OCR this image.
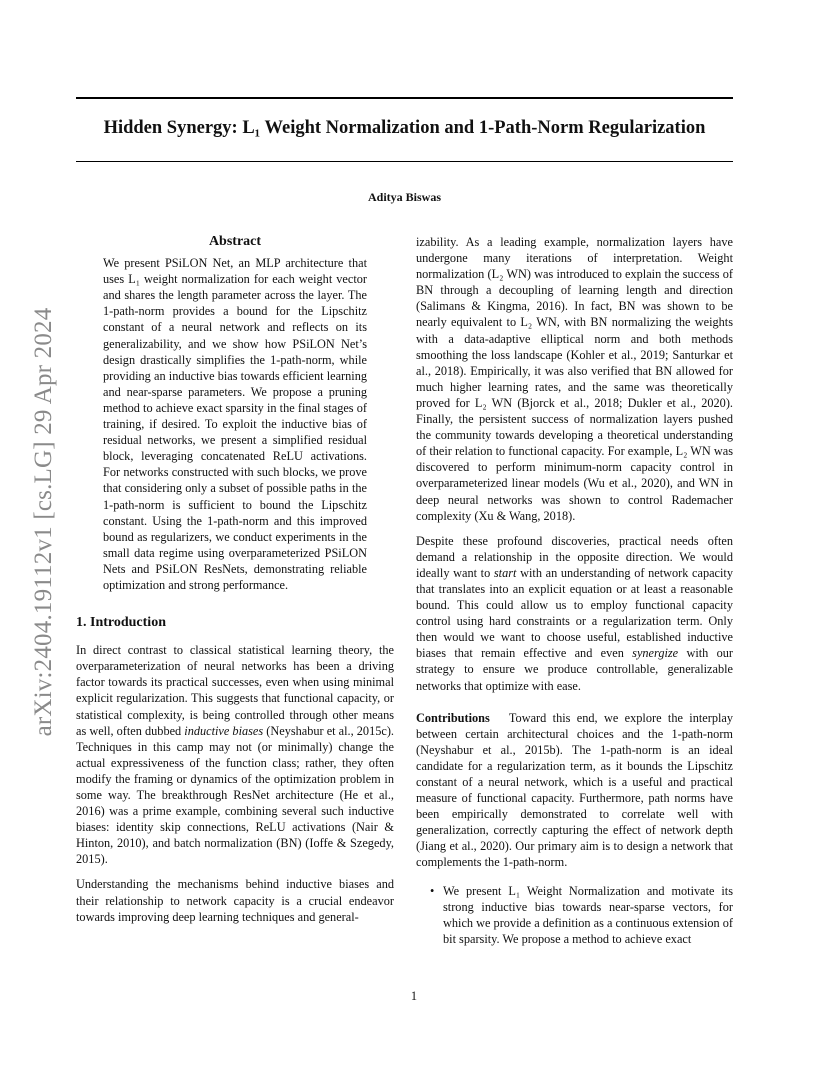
Hidden Synergy: L₁ Weight Normalization and 1-Path-Norm Regularization
Aditya Biswas
arXiv:2404.19112v1 [cs.LG] 29 Apr 2024
Abstract

We present PSiLON Net, an MLP architecture that uses L₁ weight normalization for each weight vector and shares the length parameter across the layer. The 1-path-norm provides a bound for the Lipschitz constant of a neural network and reflects on its generalizability, and we show how PSiLON Net’s design drastically simplifies the 1-path-norm, while providing an inductive bias towards efficient learning and near-sparse parameters. We propose a pruning method to achieve exact sparsity in the final stages of training, if desired. To exploit the inductive bias of residual networks, we present a simplified residual block, leveraging concatenated ReLU activations. For networks constructed with such blocks, we prove that considering only a subset of possible paths in the 1-path-norm is sufficient to bound the Lipschitz constant. Using the 1-path-norm and this improved bound as regularizers, we conduct experiments in the small data regime using overparameterized PSiLON Nets and PSiLON ResNets, demonstrating reliable optimization and strong performance.

1. Introduction

In direct contrast to classical statistical learning theory, the overparameterization of neural networks has been a driving factor towards its practical successes, even when using minimal explicit regularization. This suggests that functional capacity, or statistical complexity, is being controlled through other means as well, often dubbed inductive biases (Neyshabur et al., 2015c). Techniques in this camp may not (or minimally) change the actual expressiveness of the function class; rather, they often modify the framing or dynamics of the optimization problem in some way. The breakthrough ResNet architecture (He et al., 2016) was a prime example, combining several such inductive biases: identity skip connections, ReLU activations (Nair & Hinton, 2010), and batch normalization (BN) (Ioffe & Szegedy, 2015).

Understanding the mechanisms behind inductive biases and their relationship to network capacity is a crucial endeavor towards improving deep learning techniques and general-

izability. As a leading example, normalization layers have undergone many iterations of interpretation. Weight normalization (L₂ WN) was introduced to explain the success of BN through a decoupling of learning length and direction (Salimans & Kingma, 2016). In fact, BN was shown to be nearly equivalent to L₂ WN, with BN normalizing the weights with a data-adaptive elliptical norm and both methods smoothing the loss landscape (Kohler et al., 2019; Santurkar et al., 2018). Empirically, it was also verified that BN allowed for much higher learning rates, and the same was theoretically proved for L₂ WN (Bjorck et al., 2018; Dukler et al., 2020). Finally, the persistent success of normalization layers pushed the community towards developing a theoretical understanding of their relation to functional capacity. For example, L₂ WN was discovered to perform minimum-norm capacity control in overparameterized linear models (Wu et al., 2020), and WN in deep neural networks was shown to control Rademacher complexity (Xu & Wang, 2018).

Despite these profound discoveries, practical needs often demand a relationship in the opposite direction. We would ideally want to start with an understanding of network capacity that translates into an explicit equation or at least a reasonable bound. This could allow us to employ functional capacity control using hard constraints or a regularization term. Only then would we want to choose useful, established inductive biases that remain effective and even synergize with our strategy to ensure we produce controllable, generalizable networks that optimize with ease.

Contributions Toward this end, we explore the interplay between certain architectural choices and the 1-path-norm (Neyshabur et al., 2015b). The 1-path-norm is an ideal candidate for a regularization term, as it bounds the Lipschitz constant of a neural network, which is a useful and practical measure of functional capacity. Furthermore, path norms have been empirically demonstrated to correlate well with generalization, correctly capturing the effect of network depth (Jiang et al., 2020). Our primary aim is to design a network that complements the 1-path-norm.

• We present L₁ Weight Normalization and motivate its strong inductive bias towards near-sparse vectors, for which we provide a definition as a continuous extension of bit sparsity. We propose a method to achieve exact

1
